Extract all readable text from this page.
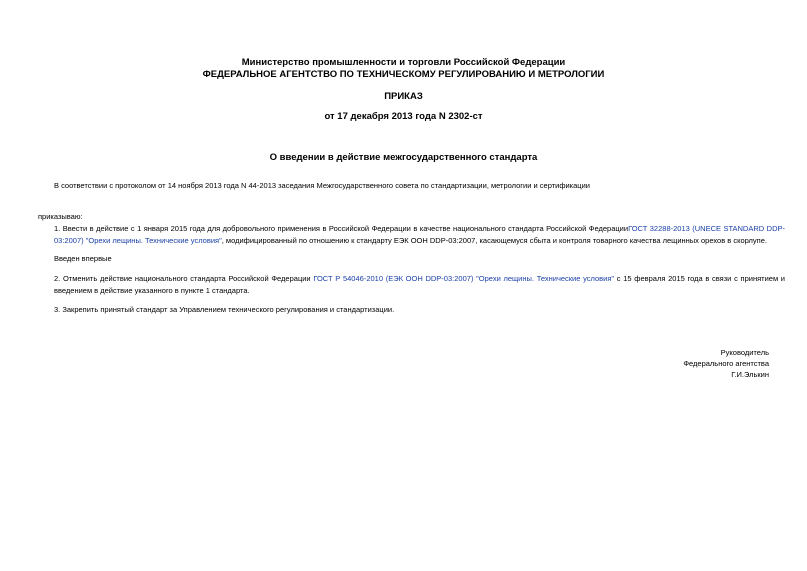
Министерство промышленности и торговли Российской Федерации
ФЕДЕРАЛЬНОЕ АГЕНТСТВО ПО ТЕХНИЧЕСКОМУ РЕГУЛИРОВАНИЮ И МЕТРОЛОГИИ
ПРИКАЗ
от 17 декабря 2013 года N 2302-ст
О введении в действие межгосударственного стандарта
В соответствии с протоколом от 14 ноября 2013 года N 44-2013 заседания Межгосударственного совета по стандартизации, метрологии и сертификации
приказываю:
1. Ввести в действие с 1 января 2015 года для добровольного применения в Российской Федерации в качестве национального стандарта Российской ФедерацииГОСТ 32288-2013 (UNECE STANDARD DDP-03:2007) "Орехи лещины. Технические условия", модифицированный по отношению к стандарту ЕЭК ООН DDP-03:2007, касающемуся сбыта и контроля товарного качества лещинных орехов в скорлупе.
Введен впервые
2. Отменить действие национального стандарта Российской Федерации ГОСТ Р 54046-2010 (ЕЭК ООН DDP-03:2007) "Орехи лещины. Технические условия" с 15 февраля 2015 года в связи с принятием и введением в действие указанного в пункте 1 стандарта.
3. Закрепить принятый стандарт за Управлением технического регулирования и стандартизации.
Руководитель
Федерального агентства
Г.И.Элькин
